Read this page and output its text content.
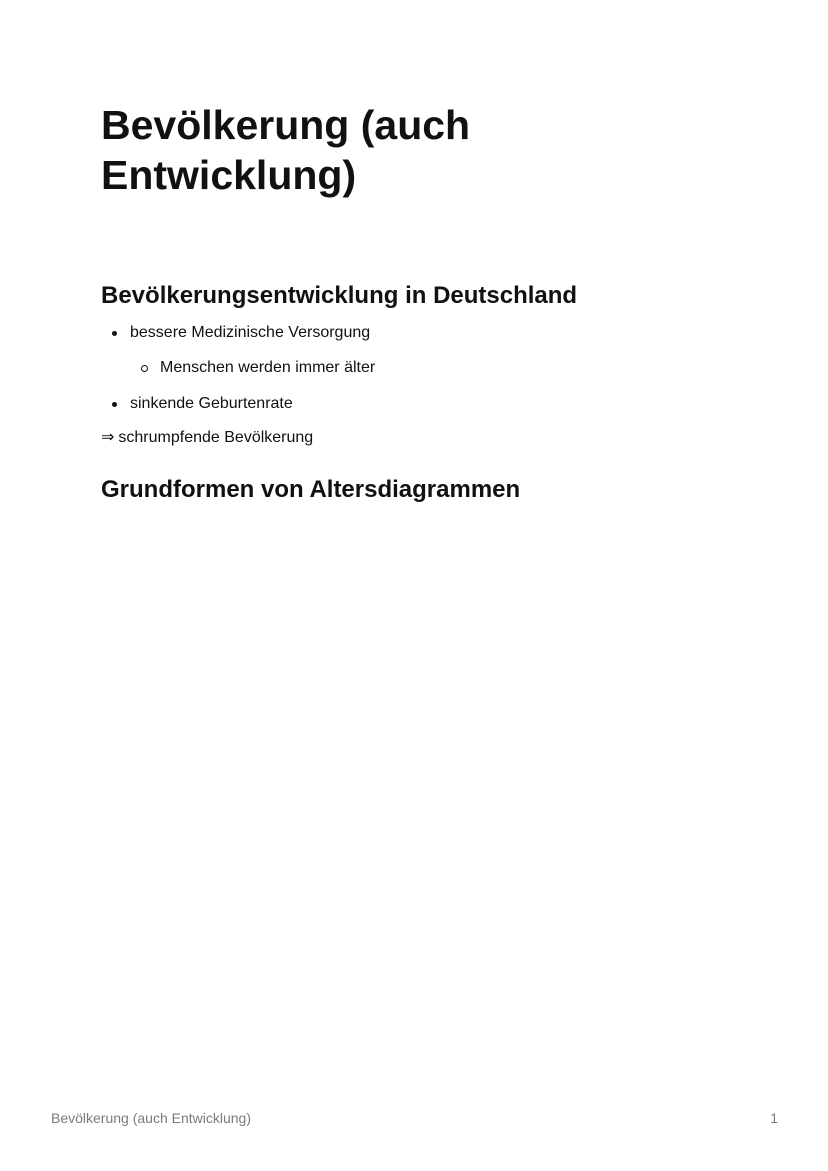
Bevölkerung (auch Entwicklung)
Bevölkerungsentwicklung in Deutschland
bessere Medizinische Versorgung
Menschen werden immer älter
sinkende Geburtenrate
⇒ schrumpfende Bevölkerung
Grundformen von Altersdiagrammen
Bevölkerung (auch Entwicklung)	1
